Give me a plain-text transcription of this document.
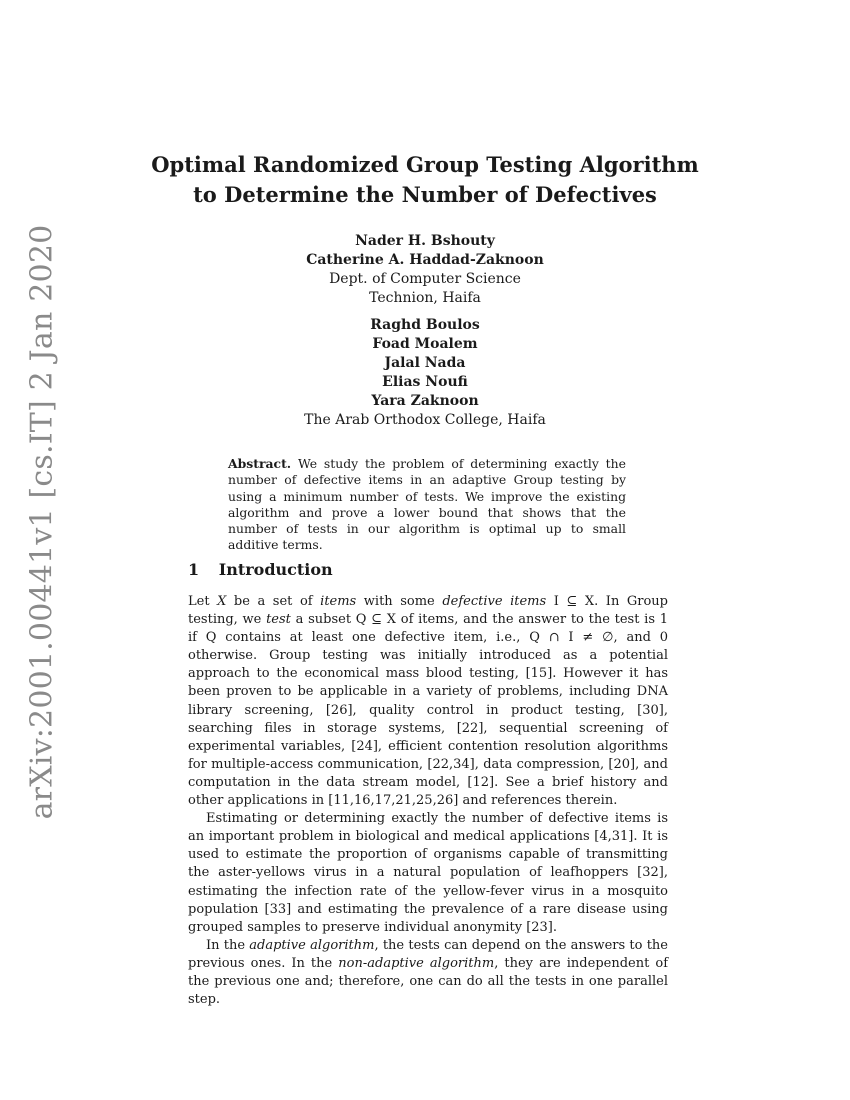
arXiv:2001.00441v1 [cs.IT] 2 Jan 2020
Optimal Randomized Group Testing Algorithm
to Determine the Number of Defectives
Nader H. Bshouty
Catherine A. Haddad-Zaknoon
Dept. of Computer Science
Technion, Haifa
Raghd Boulos
Foad Moalem
Jalal Nada
Elias Noufi
Yara Zaknoon
The Arab Orthodox College, Haifa
Abstract. We study the problem of determining exactly the number of defective items in an adaptive Group testing by using a minimum number of tests. We improve the existing algorithm and prove a lower bound that shows that the number of tests in our algorithm is optimal up to small additive terms.
1 Introduction

Let X be a set of items with some defective items I ⊆ X. In Group testing, we test a subset Q ⊆ X of items, and the answer to the test is 1 if Q contains at least one defective item, i.e., Q ∩ I ≠ ∅, and 0 otherwise. Group testing was initially introduced as a potential approach to the economical mass blood testing, [15]. However it has been proven to be applicable in a variety of problems, including DNA library screening, [26], quality control in product testing, [30], searching files in storage systems, [22], sequential screening of experimental variables, [24], efficient contention resolution algorithms for multiple-access communication, [22,34], data compression, [20], and computation in the data stream model, [12]. See a brief history and other applications in [11,16,17,21,25,26] and references therein.

Estimating or determining exactly the number of defective items is an important problem in biological and medical applications [4,31]. It is used to estimate the proportion of organisms capable of transmitting the aster-yellows virus in a natural population of leafhoppers [32], estimating the infection rate of the yellow-fever virus in a mosquito population [33] and estimating the prevalence of a rare disease using grouped samples to preserve individual anonymity [23].

In the adaptive algorithm, the tests can depend on the answers to the previous ones. In the non-adaptive algorithm, they are independent of the previous one and; therefore, one can do all the tests in one parallel step.
